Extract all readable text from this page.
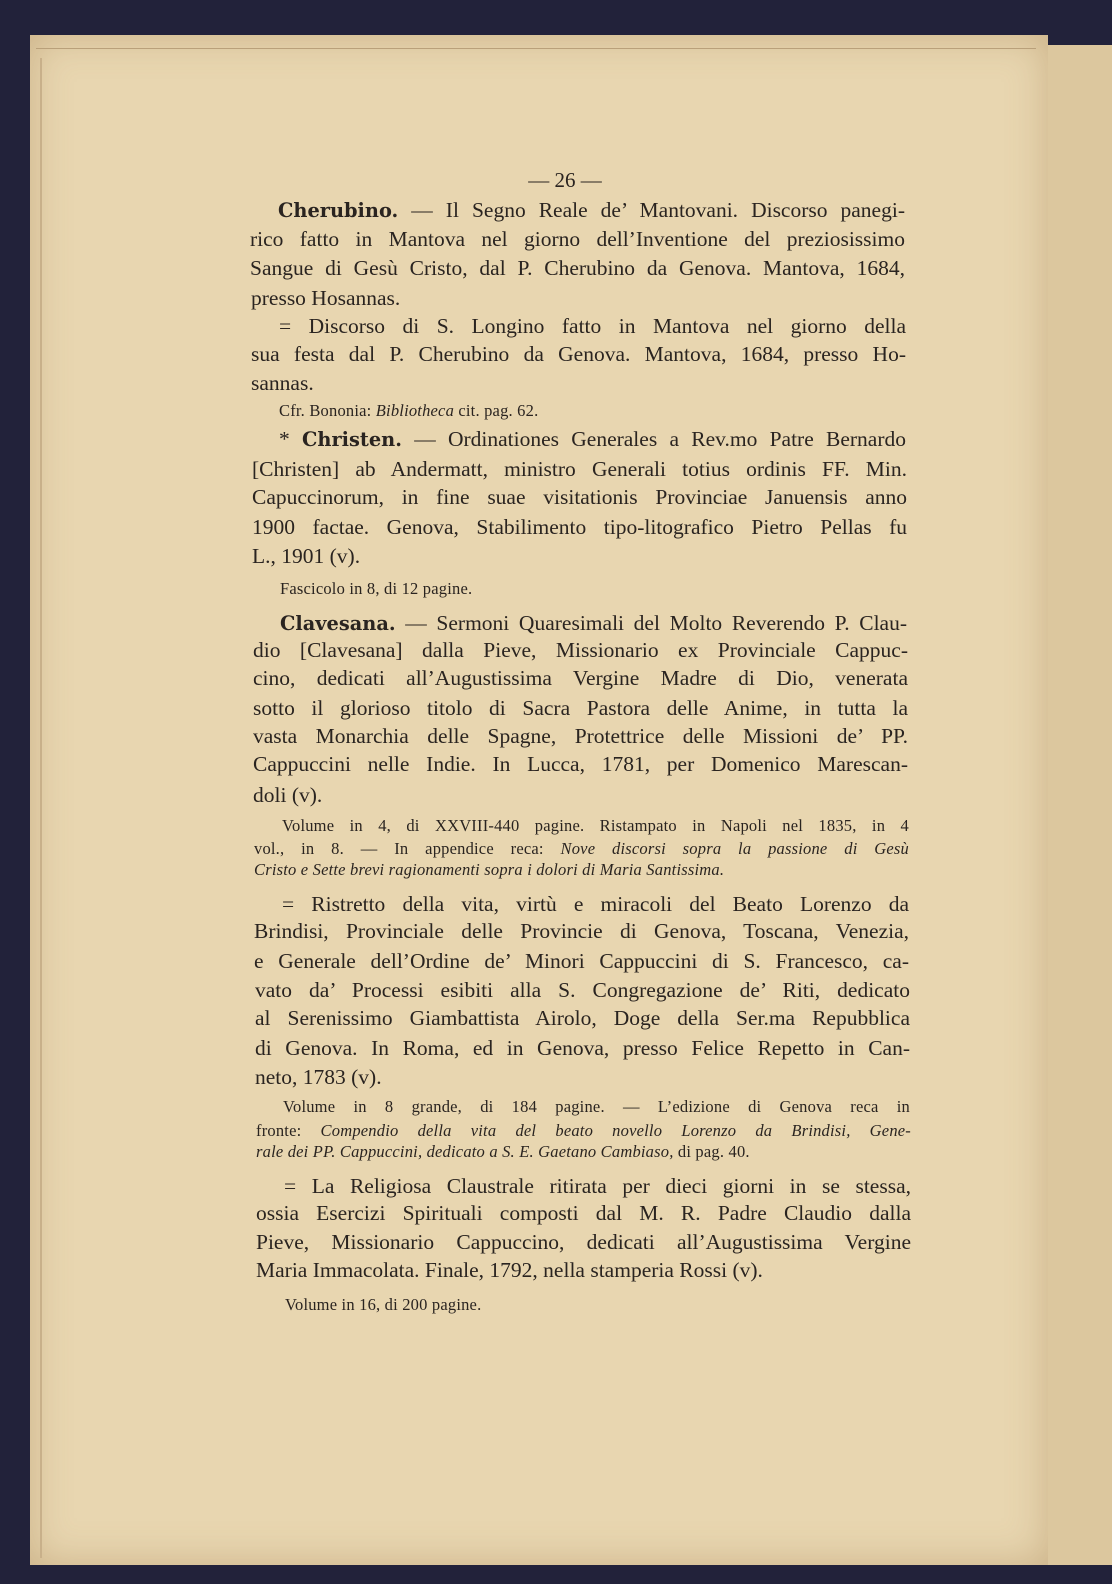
— 26 —
Cherubino. — Il Segno Reale de’ Mantovani. Discorso panegi-
rico fatto in Mantova nel giorno dell’Inventione del preziosissimo
Sangue di Gesù Cristo, dal P. Cherubino da Genova. Mantova, 1684,
presso Hosannas.
= Discorso di S. Longino fatto in Mantova nel giorno della
sua festa dal P. Cherubino da Genova. Mantova, 1684, presso Ho-
sannas.
Cfr. Bononia: Bibliotheca cit. pag. 62.
* Christen. — Ordinationes Generales a Rev.mo Patre Bernardo
[Christen] ab Andermatt, ministro Generali totius ordinis FF. Min.
Capuccinorum, in fine suae visitationis Provinciae Januensis anno
1900 factae. Genova, Stabilimento tipo-litografico Pietro Pellas fu
L., 1901 (v).
Fascicolo in 8, di 12 pagine.
Clavesana. — Sermoni Quaresimali del Molto Reverendo P. Clau-
dio [Clavesana] dalla Pieve, Missionario ex Provinciale Cappuc-
cino, dedicati all’Augustissima Vergine Madre di Dio, venerata
sotto il glorioso titolo di Sacra Pastora delle Anime, in tutta la
vasta Monarchia delle Spagne, Protettrice delle Missioni de’ PP.
Cappuccini nelle Indie. In Lucca, 1781, per Domenico Marescan-
doli (v).
Volume in 4, di XXVIII-440 pagine. Ristampato in Napoli nel 1835, in 4
vol., in 8. — In appendice reca: Nove discorsi sopra la passione di Gesù
Cristo e Sette brevi ragionamenti sopra i dolori di Maria Santissima.
= Ristretto della vita, virtù e miracoli del Beato Lorenzo da
Brindisi, Provinciale delle Provincie di Genova, Toscana, Venezia,
e Generale dell’Ordine de’ Minori Cappuccini di S. Francesco, ca-
vato da’ Processi esibiti alla S. Congregazione de’ Riti, dedicato
al Serenissimo Giambattista Airolo, Doge della Ser.ma Repubblica
di Genova. In Roma, ed in Genova, presso Felice Repetto in Can-
neto, 1783 (v).
Volume in 8 grande, di 184 pagine. — L’edizione di Genova reca in
fronte: Compendio della vita del beato novello Lorenzo da Brindisi, Gene-
rale dei PP. Cappuccini, dedicato a S. E. Gaetano Cambiaso, di pag. 40.
= La Religiosa Claustrale ritirata per dieci giorni in se stessa,
ossia Esercizi Spirituali composti dal M. R. Padre Claudio dalla
Pieve, Missionario Cappuccino, dedicati all’Augustissima Vergine
Maria Immacolata. Finale, 1792, nella stamperia Rossi (v).
Volume in 16, di 200 pagine.
